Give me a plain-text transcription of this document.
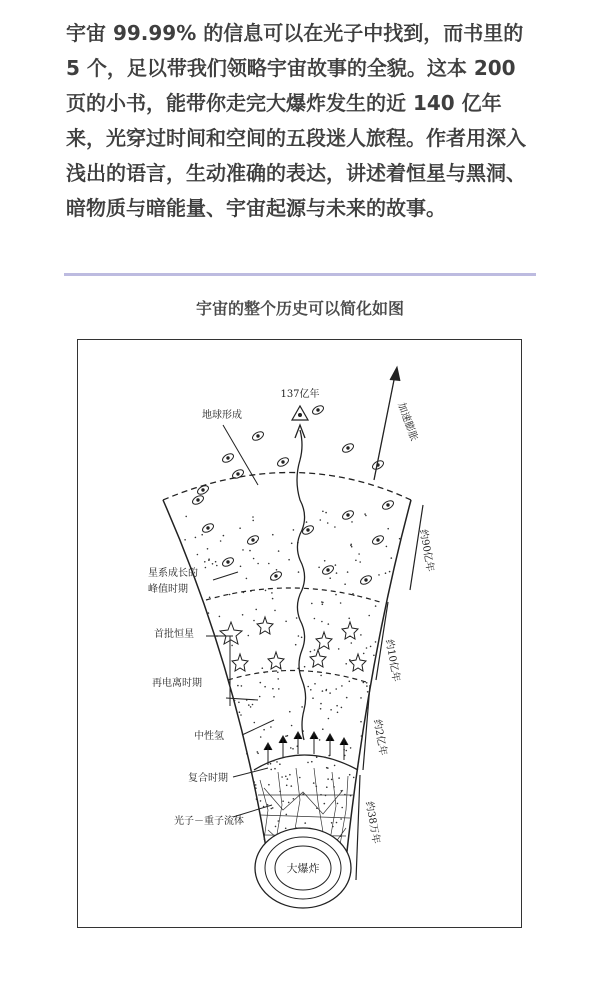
宇宙 99.99% 的信息可以在光子中找到，而书里的 5 个，足以带我们领略宇宙故事的全貌。这本 200 页的小书，能带你走完大爆炸发生的近 140 亿年来，光穿过时间和空间的五段迷人旅程。作者用深入浅出的语言，生动准确的表达，讲述着恒星与黑洞、暗物质与暗能量、宇宙起源与未来的故事。

宇宙的整个历史可以简化如图
大爆炸
137亿年
地球形成
星系成长的
峰值时期
首批恒星
再电离时期
中性氢
复合时期
光子－重子流体
加速膨胀
约90亿年
约10亿年
约2亿年
约38万年
